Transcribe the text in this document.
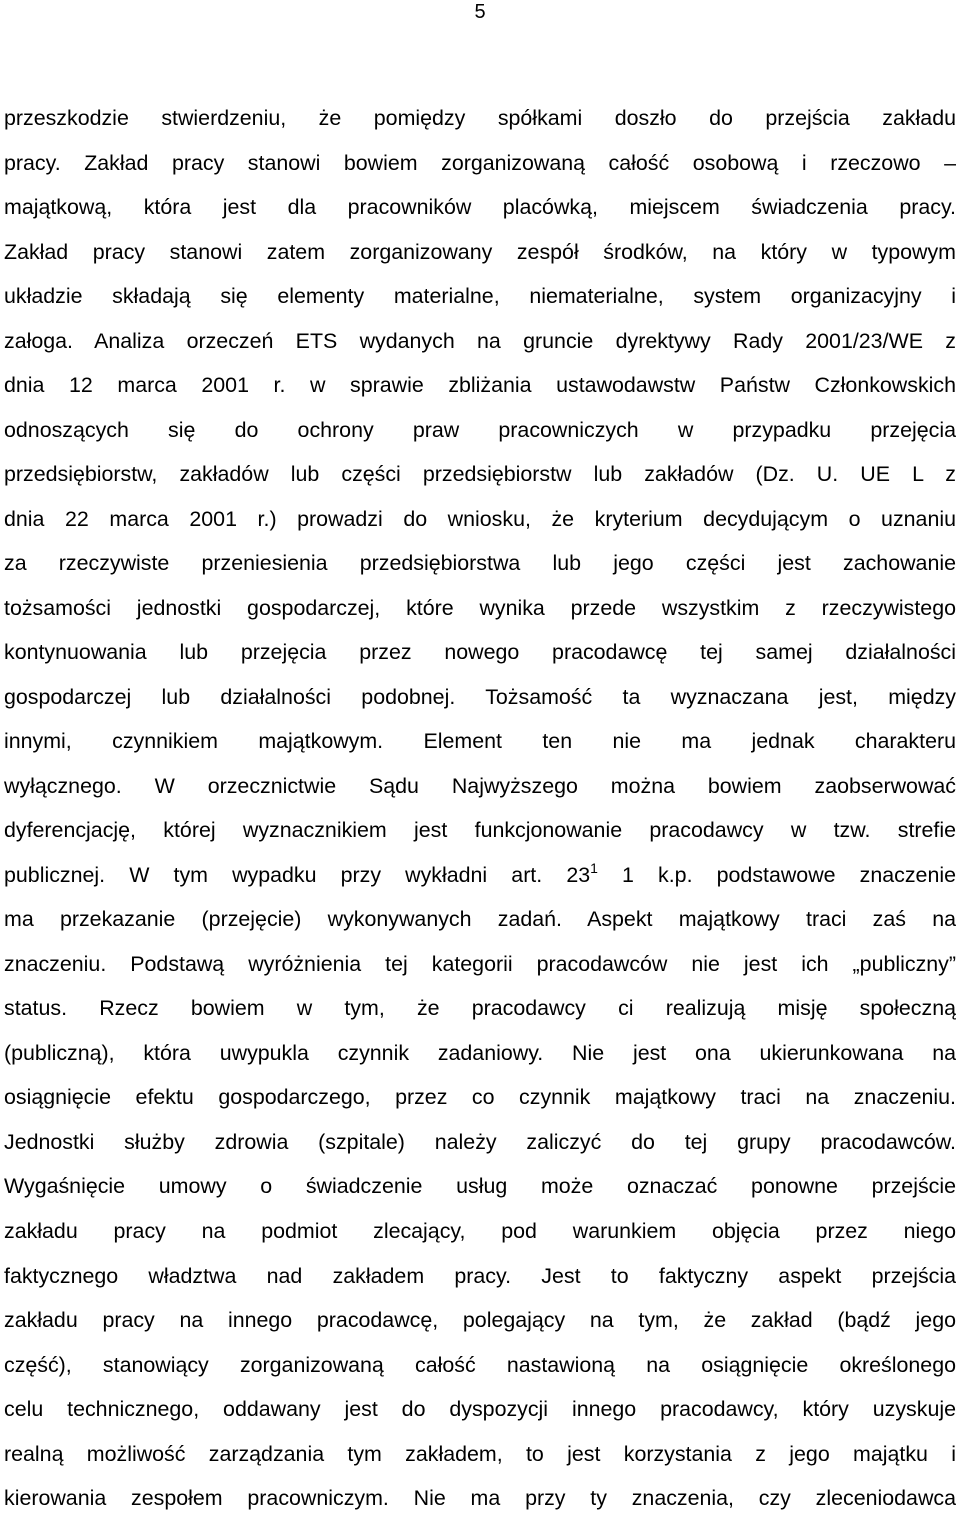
5
przeszkodzie stwierdzeniu, że pomiędzy spółkami doszło do przejścia zakładu
pracy. Zakład pracy stanowi bowiem zorganizowaną całość osobową i rzeczowo –
majątkową, która jest dla pracowników placówką, miejscem świadczenia pracy.
Zakład pracy stanowi zatem zorganizowany zespół środków, na który w typowym
układzie składają się elementy materialne, niematerialne, system organizacyjny i
załoga. Analiza orzeczeń ETS wydanych na gruncie dyrektywy Rady 2001/23/WE z
dnia 12 marca 2001 r. w sprawie zbliżania ustawodawstw Państw Członkowskich
odnoszących się do ochrony praw pracowniczych w przypadku przejęcia
przedsiębiorstw, zakładów lub części przedsiębiorstw lub zakładów (Dz. U. UE L z
dnia 22 marca 2001 r.) prowadzi do wniosku, że kryterium decydującym o uznaniu
za rzeczywiste przeniesienia przedsiębiorstwa lub jego części jest zachowanie
tożsamości jednostki gospodarczej, które wynika przede wszystkim z rzeczywistego
kontynuowania lub przejęcia przez nowego pracodawcę tej samej działalności
gospodarczej lub działalności podobnej. Tożsamość ta wyznaczana jest, między
innymi, czynnikiem majątkowym. Element ten nie ma jednak charakteru
wyłącznego. W orzecznictwie Sądu Najwyższego można bowiem zaobserwować
dyferencjację, której wyznacznikiem jest funkcjonowanie pracodawcy w tzw. strefie
publicznej. W tym wypadku przy wykładni art. $23^1$ 1 k.p. podstawowe znaczenie
ma przekazanie (przejęcie) wykonywanych zadań. Aspekt majątkowy traci zaś na
znaczeniu. Podstawą wyróżnienia tej kategorii pracodawców nie jest ich „publiczny”
status. Rzecz bowiem w tym, że pracodawcy ci realizują misję społeczną
(publiczną), która uwypukla czynnik zadaniowy. Nie jest ona ukierunkowana na
osiągnięcie efektu gospodarczego, przez co czynnik majątkowy traci na znaczeniu.
Jednostki służby zdrowia (szpitale) należy zaliczyć do tej grupy pracodawców.
Wygaśnięcie umowy o świadczenie usług może oznaczać ponowne przejście
zakładu pracy na podmiot zlecający, pod warunkiem objęcia przez niego
faktycznego władztwa nad zakładem pracy. Jest to faktyczny aspekt przejścia
zakładu pracy na innego pracodawcę, polegający na tym, że zakład (bądź jego
część), stanowiący zorganizowaną całość nastawioną na osiągnięcie określonego
celu technicznego, oddawany jest do dyspozycji innego pracodawcy, który uzyskuje
realną możliwość zarządzania tym zakładem, to jest korzystania z jego majątku i
kierowania zespołem pracowniczym. Nie ma przy ty znaczenia, czy zleceniodawca
